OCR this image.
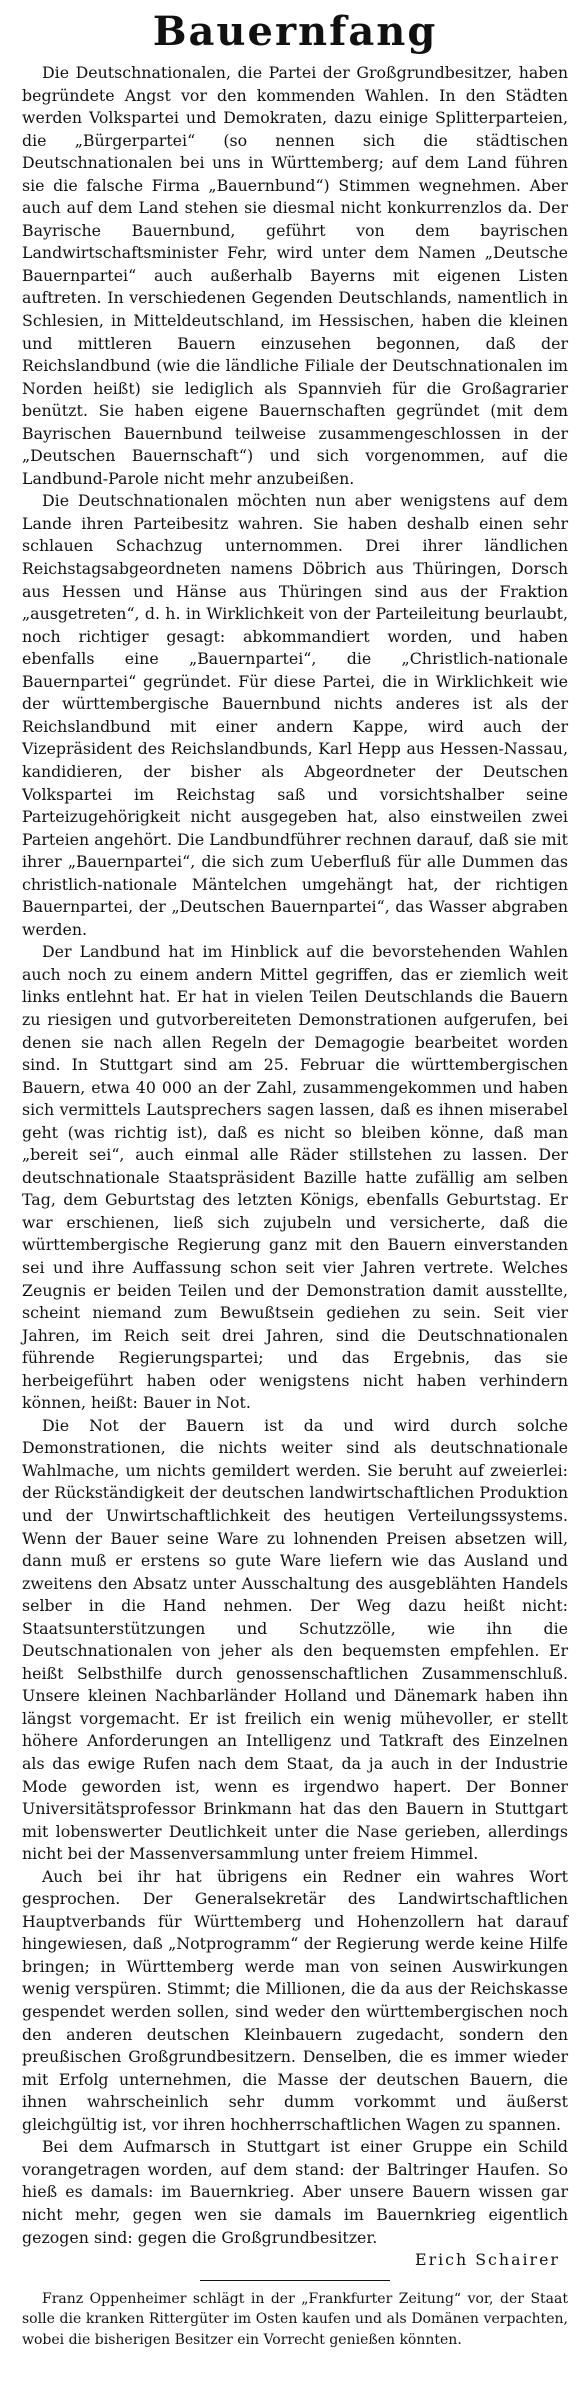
Bauernfang

Die Deutschnationalen, die Partei der Großgrundbesitzer, haben begründete Angst vor den kommenden Wahlen. In den Städten werden Volkspartei und Demokraten, dazu einige Splitterparteien, die „Bürgerpartei“ (so nennen sich die städtischen Deutschnationalen bei uns in Württemberg; auf dem Land führen sie die falsche Firma „Bauernbund“) Stimmen wegnehmen. Aber auch auf dem Land stehen sie diesmal nicht konkurrenzlos da. Der Bayrische Bauernbund, geführt von dem bayrischen Landwirtschaftsminister Fehr, wird unter dem Namen „Deutsche Bauernpartei“ auch außerhalb Bayerns mit eigenen Listen auftreten. In verschiedenen Gegenden Deutschlands, namentlich in Schlesien, in Mitteldeutschland, im Hessischen, haben die kleinen und mittleren Bauern einzusehen begonnen, daß der Reichslandbund (wie die ländliche Filiale der Deutschnationalen im Norden heißt) sie lediglich als Spannvieh für die Großagrarier benützt. Sie haben eigene Bauernschaften gegründet (mit dem Bayrischen Bauernbund teilweise zusammengeschlossen in der „Deutschen Bauernschaft“) und sich vorgenommen, auf die Landbund-Parole nicht mehr anzubeißen.

Die Deutschnationalen möchten nun aber wenigstens auf dem Lande ihren Parteibesitz wahren. Sie haben deshalb einen sehr schlauen Schachzug unternommen. Drei ihrer ländlichen Reichstagsabgeordneten namens Döbrich aus Thüringen, Dorsch aus Hessen und Hänse aus Thüringen sind aus der Fraktion „ausgetreten“, d. h. in Wirklichkeit von der Parteileitung beurlaubt, noch richtiger gesagt: abkommandiert worden, und haben ebenfalls eine „Bauernpartei“, die „Christlich-nationale Bauernpartei“ gegründet. Für diese Partei, die in Wirklichkeit wie der württembergische Bauernbund nichts anderes ist als der Reichslandbund mit einer andern Kappe, wird auch der Vizepräsident des Reichslandbunds, Karl Hepp aus Hessen-Nassau, kandidieren, der bisher als Abgeordneter der Deutschen Volkspartei im Reichstag saß und vorsichtshalber seine Parteizugehörigkeit nicht ausgegeben hat, also einstweilen zwei Parteien angehört. Die Landbundführer rechnen darauf, daß sie mit ihrer „Bauernpartei“, die sich zum Ueberfluß für alle Dummen das christlich-nationale Mäntelchen umgehängt hat, der richtigen Bauernpartei, der „Deutschen Bauernpartei“, das Wasser abgraben werden.

Der Landbund hat im Hinblick auf die bevorstehenden Wahlen auch noch zu einem andern Mittel gegriffen, das er ziemlich weit links entlehnt hat. Er hat in vielen Teilen Deutschlands die Bauern zu riesigen und gutvorbereiteten Demonstrationen aufgerufen, bei denen sie nach allen Regeln der Demagogie bearbeitet worden sind. In Stuttgart sind am 25. Februar die württembergischen Bauern, etwa 40 000 an der Zahl, zusammengekommen und haben sich vermittels Lautsprechers sagen lassen, daß es ihnen miserabel geht (was richtig ist), daß es nicht so bleiben könne, daß man „bereit sei“, auch einmal alle Räder stillstehen zu lassen. Der deutschnationale Staatspräsident Bazille hatte zufällig am selben Tag, dem Geburtstag des letzten Königs, ebenfalls Geburtstag. Er war erschienen, ließ sich zujubeln und versicherte, daß die württembergische Regierung ganz mit den Bauern einverstanden sei und ihre Auffassung schon seit vier Jahren vertrete. Welches Zeugnis er beiden Teilen und der Demonstration damit ausstellte, scheint niemand zum Bewußtsein gediehen zu sein. Seit vier Jahren, im Reich seit drei Jahren, sind die Deutschnationalen führende Regierungspartei; und das Ergebnis, das sie herbeigeführt haben oder wenigstens nicht haben verhindern können, heißt: Bauer in Not.

Die Not der Bauern ist da und wird durch solche Demonstrationen, die nichts weiter sind als deutschnationale Wahlmache, um nichts gemildert werden. Sie beruht auf zweierlei: der Rückständigkeit der deutschen landwirtschaftlichen Produktion und der Unwirtschaftlichkeit des heutigen Verteilungssystems. Wenn der Bauer seine Ware zu lohnenden Preisen absetzen will, dann muß er erstens so gute Ware liefern wie das Ausland und zweitens den Absatz unter Ausschaltung des ausgeblähten Handels selber in die Hand nehmen. Der Weg dazu heißt nicht: Staatsunterstützungen und Schutzzölle, wie ihn die Deutschnationalen von jeher als den bequemsten empfehlen. Er heißt Selbsthilfe durch genossenschaftlichen Zusammenschluß. Unsere kleinen Nachbarländer Holland und Dänemark haben ihn längst vorgemacht. Er ist freilich ein wenig mühevoller, er stellt höhere Anforderungen an Intelligenz und Tatkraft des Einzelnen als das ewige Rufen nach dem Staat, da ja auch in der Industrie Mode geworden ist, wenn es irgendwo hapert. Der Bonner Universitätsprofessor Brinkmann hat das den Bauern in Stuttgart mit lobenswerter Deutlichkeit unter die Nase gerieben, allerdings nicht bei der Massenversammlung unter freiem Himmel.

Auch bei ihr hat übrigens ein Redner ein wahres Wort gesprochen. Der Generalsekretär des Landwirtschaftlichen Hauptverbands für Württemberg und Hohenzollern hat darauf hingewiesen, daß „Notprogramm“ der Regierung werde keine Hilfe bringen; in Württemberg werde man von seinen Auswirkungen wenig verspüren. Stimmt; die Millionen, die da aus der Reichskasse gespendet werden sollen, sind weder den württembergischen noch den anderen deutschen Kleinbauern zugedacht, sondern den preußischen Großgrundbesitzern. Denselben, die es immer wieder mit Erfolg unternehmen, die Masse der deutschen Bauern, die ihnen wahrscheinlich sehr dumm vorkommt und äußerst gleichgültig ist, vor ihren hochherrschaftlichen Wagen zu spannen.

Bei dem Aufmarsch in Stuttgart ist einer Gruppe ein Schild vorangetragen worden, auf dem stand: der Baltringer Haufen. So hieß es damals: im Bauernkrieg. Aber unsere Bauern wissen gar nicht mehr, gegen wen sie damals im Bauernkrieg eigentlich gezogen sind: gegen die Großgrundbesitzer.

Erich Schairer

Franz Oppenheimer schlägt in der „Frankfurter Zeitung“ vor, der Staat solle die kranken Rittergüter im Osten kaufen und als Domänen verpachten, wobei die bisherigen Besitzer ein Vorrecht genießen könnten.
